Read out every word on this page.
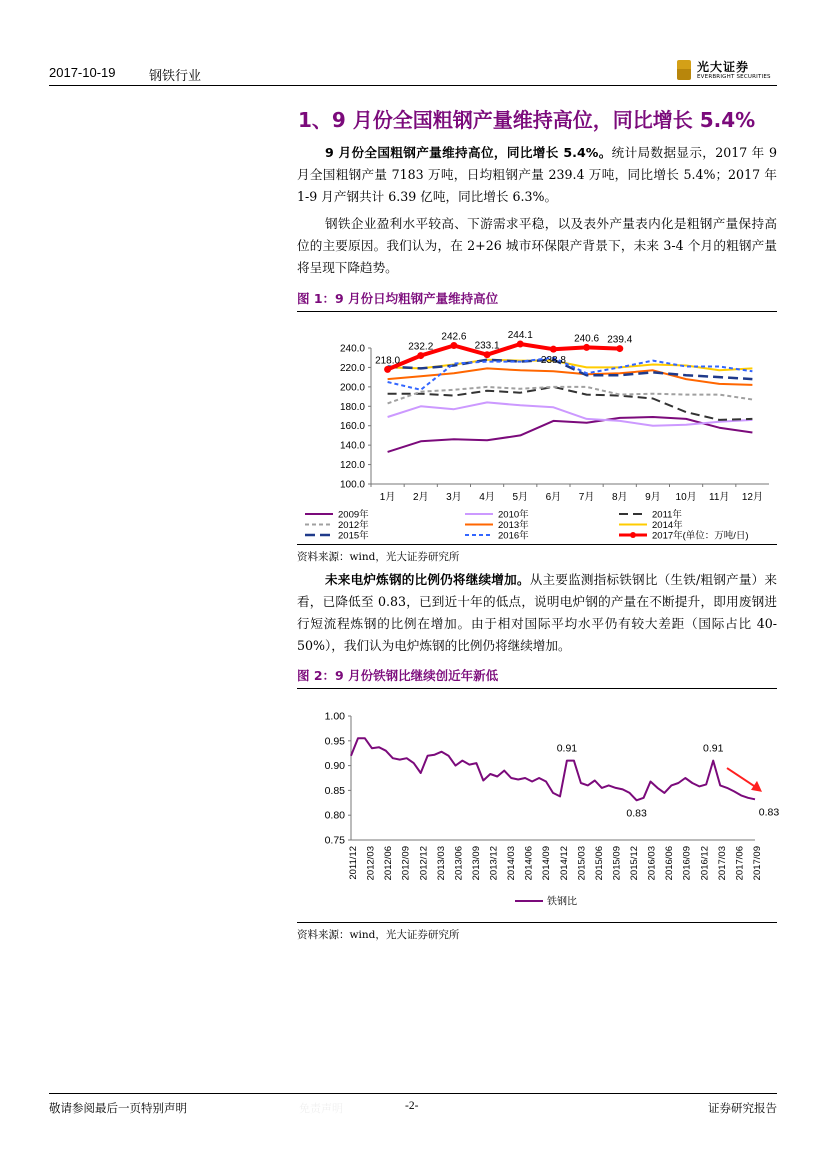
2017-10-19	钢铁行业
光大证券
EVERBRIGHT SECURITIES
1、9 月份全国粗钢产量维持高位，同比增长 5.4%

9 月份全国粗钢产量维持高位，同比增长 5.4%。统计局数据显示，2017 年 9 月全国粗钢产量 7183 万吨，日均粗钢产量 239.4 万吨，同比增长 5.4%；2017 年 1-9 月产钢共计 6.39 亿吨，同比增长 6.3%。

钢铁企业盈利水平较高、下游需求平稳，以及表外产量表内化是粗钢产量保持高位的主要原因。我们认为，在 2+26 城市环保限产背景下，未来 3-4 个月的粗钢产量将呈现下降趋势。

图 1：9 月份日均粗钢产量维持高位
100.0
120.0
140.0
160.0
180.0
200.0
220.0
240.0
1月 2月 3月 4月 5月 6月 7月 8月 9月 10月 11月 12月
218.0
232.2
242.6
233.1
244.1
238.8
240.6 239.4
2009年	2010年	2011年
2012年	2013年	2014年
2015年	2016年	2017年(单位：万吨/日)
资料来源：wind，光大证券研究所

未来电炉炼钢的比例仍将继续增加。从主要监测指标铁钢比（生铁/粗钢产量）来看，已降低至 0.83，已到近十年的低点，说明电炉钢的产量在不断提升，即用废钢进行短流程炼钢的比例在增加。由于相对国际平均水平仍有较大差距（国际占比 40-50%），我们认为电炉炼钢的比例仍将继续增加。

图 2：9 月份铁钢比继续创近年新低
0.75
0.80
0.85
0.90
0.95
1.00
2011/12 2012/03 2012/06 2012/09 2012/12 2013/03 2013/06 2013/09 2013/12 2014/03 2014/06 2014/09 2014/12 2015/03 2015/06 2015/09 2015/12 2016/03 2016/06 2016/09 2016/12 2017/03 2017/06 2017/09
0.91
0.83
0.91
0.83
铁钢比
资料来源：wind，光大证券研究所
敬请参阅最后一页特别声明	免责声明	-2-	证券研究报告
